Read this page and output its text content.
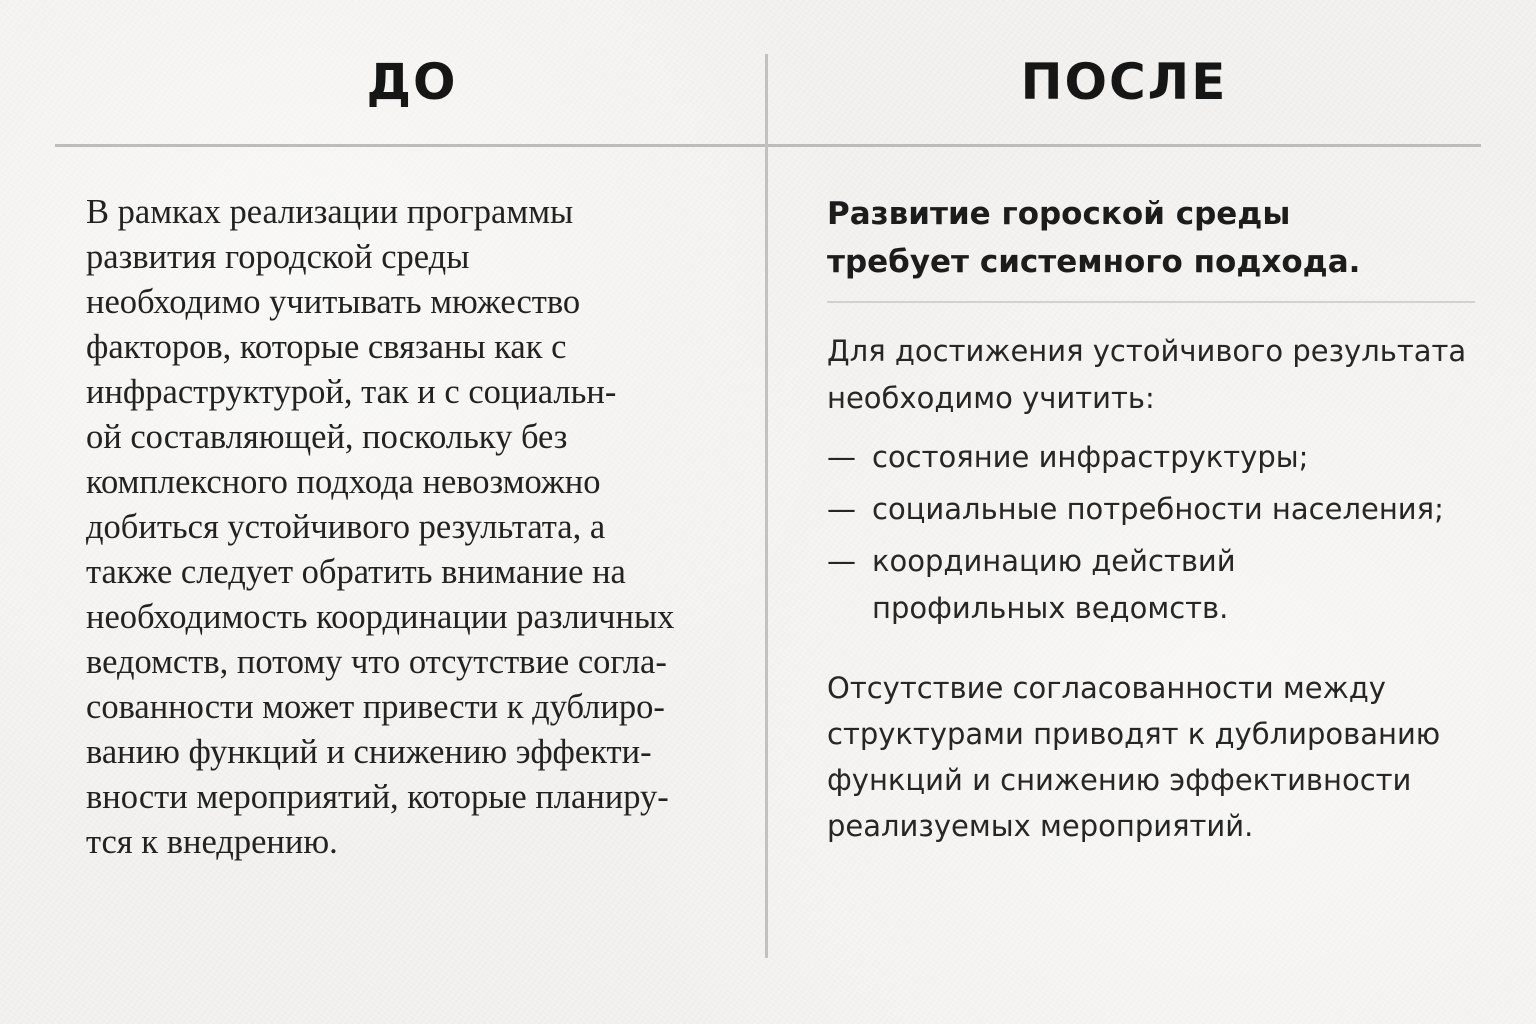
ДО	ПОСЛЕ

В рамках реализации программы
развития городской среды
необходимо учитывать мюжество
факторов, которые связаны как с
инфраструктурой, так и с социальн-
ой составляющей, поскольку без
комплексного подхода невозможно
добиться устойчивого результата, а
также следует обратить внимание на
необходимость координации различных
ведомств, потому что отсутствие согла-
сованности может привести к дублиро-
ванию функций и снижению эффекти-
вности мероприятий, которые планиру-
тся к внедрению.

Развитие гороской среды
требует системного подхода.

Для достижения устойчивого результата
необходимо учитить:

— состояние инфраструктуры;
— социальные потребности населения;
— координацию действий
профильных ведомств.

Отсутствие согласованности между
структурами приводят к дублированию
функций и снижению эффективности
реализуемых мероприятий.
